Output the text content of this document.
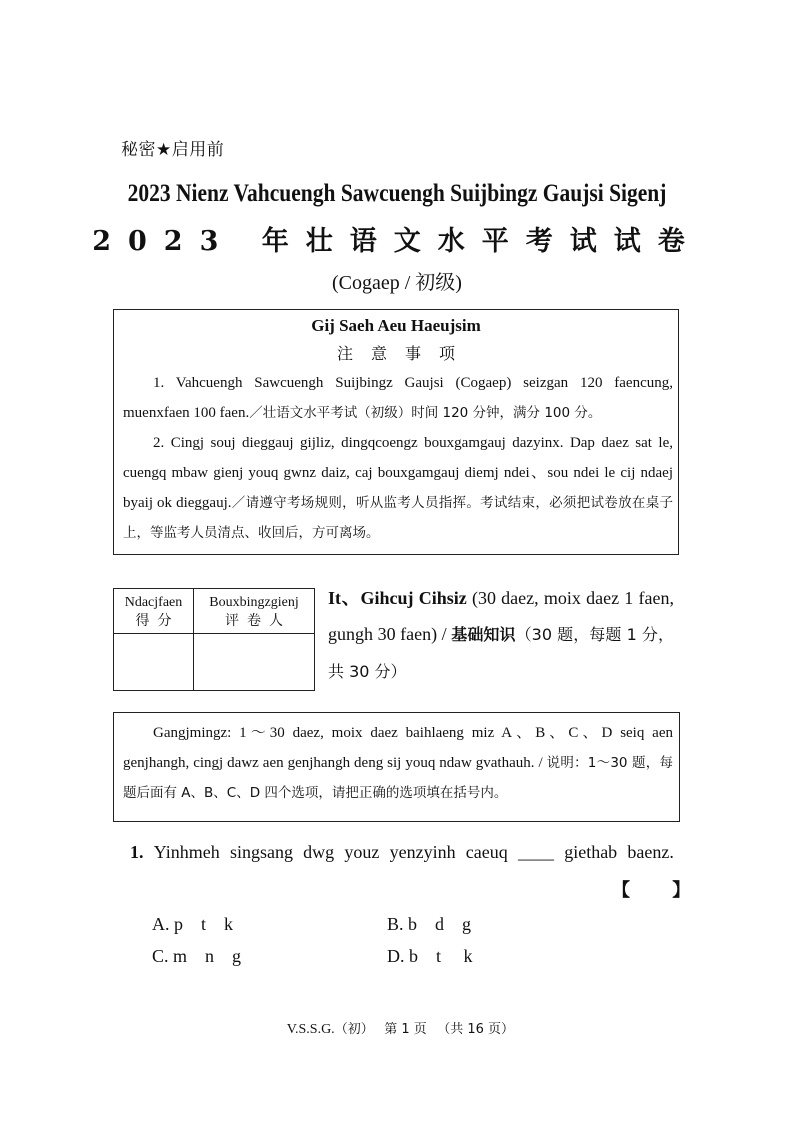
秘密★启用前
2023 Nienz Vahcuengh Sawcuengh Suijbingz Gaujsi Sigenj
2023 年壮语文水平考试试卷
(Cogaep / 初级)
Gij Saeh Aeu Haeujsim
注意事项
1. Vahcuengh Sawcuengh Suijbingz Gaujsi (Cogaep) seizgan 120 faencung, muenxfaen 100 faen.／壮语文水平考试（初级）时间 120 分钟，满分 100 分。
2. Cingj souj dieggauj gijliz, dingqcoengz bouxgamgauj dazyinx. Dap daez sat le, cuengq mbaw gienj youq gwnz daiz, caj bouxgamgauj diemj ndei、sou ndei le cij ndaej byaij ok dieggauj.／请遵守考场规则，听从监考人员指挥。考试结束，必须把试卷放在桌子上，等监考人员清点、收回后，方可离场。
Ndacjfaen
得分
Bouxbingzgienj
评卷人
It、Gihcuj Cihsiz (30 daez, moix daez 1 faen, gungh 30 faen) / 基础知识（30 题，每题 1 分，共 30 分）
Gangjmingz: 1～30 daez, moix daez baihlaeng miz A、B、C、D seiq aen genjhangh, cingj dawz aen genjhangh deng sij youq ndaw gvathauh. / 说明：1～30 题，每题后面有 A、B、C、D 四个选项，请把正确的选项填在括号内。
1. Yinhmeh singsang dwg youz yenzyinh caeuq ____ giethab baenz.
【 】
A. p    t    k	B. b    d    g
C. m    n    g	D. b    t     k

V.S.S.G.（初） 第 1 页 （共 16 页）
